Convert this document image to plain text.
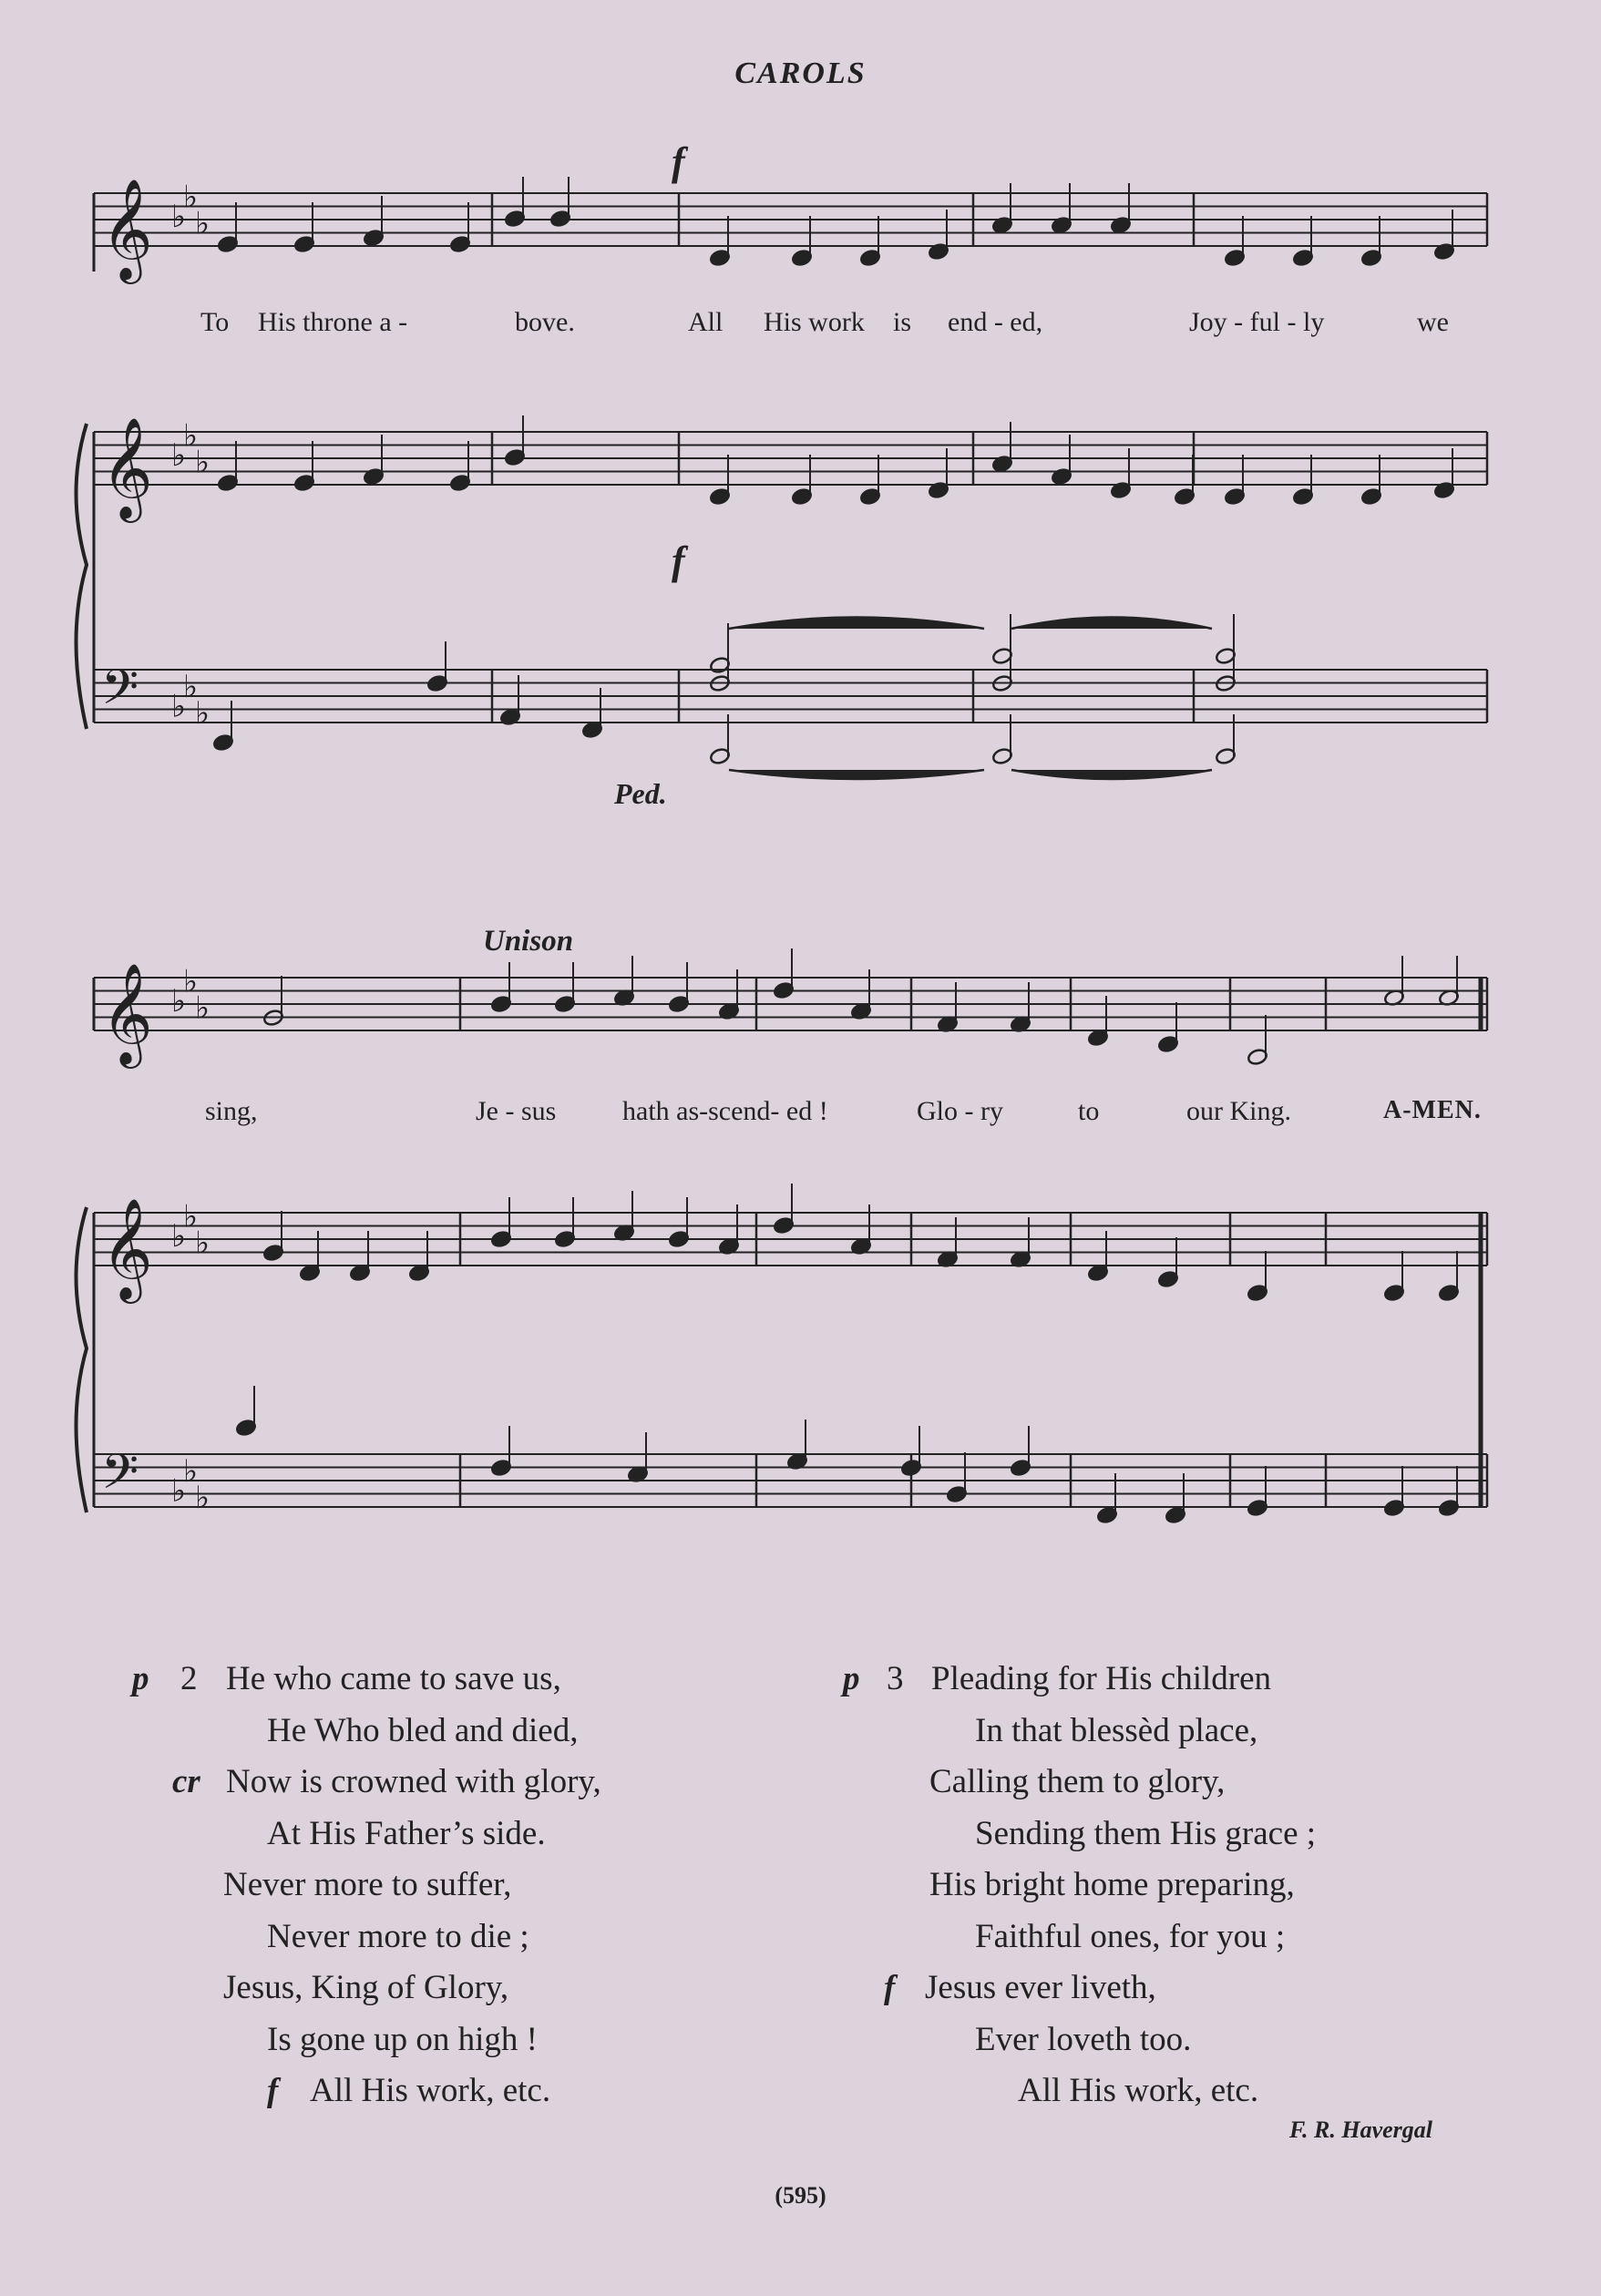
CAROLS
𝄞 ♭
♭
♭
𝄞 ♭
♭
♭
𝄢 ♭
♭
♭
𝄞 ♭
♭
♭
𝄞 ♭
♭
♭
𝄢 ♭
♭
♭
To His throne a -	bove.	All His work is end - ed,	Joy - ful - ly	we
f
f
Ped.
Unison
sing,	Je - sus hath as-scend- ed !	Glo - ry	to	our King.	A-MEN.
p 2 He who came to save us,
He Who bled and died,
cr Now is crowned with glory,
At His Father’s side.
Never more to suffer,
Never more to die ;
Jesus, King of Glory,
Is gone up on high !
f All His work, etc.
p 3 Pleading for His children
In that blessèd place,
Calling them to glory,
Sending them His grace ;
His bright home preparing,
Faithful ones, for you ;
f Jesus ever liveth,
Ever loveth too.
All His work, etc.
F. R. Havergal
(595)
